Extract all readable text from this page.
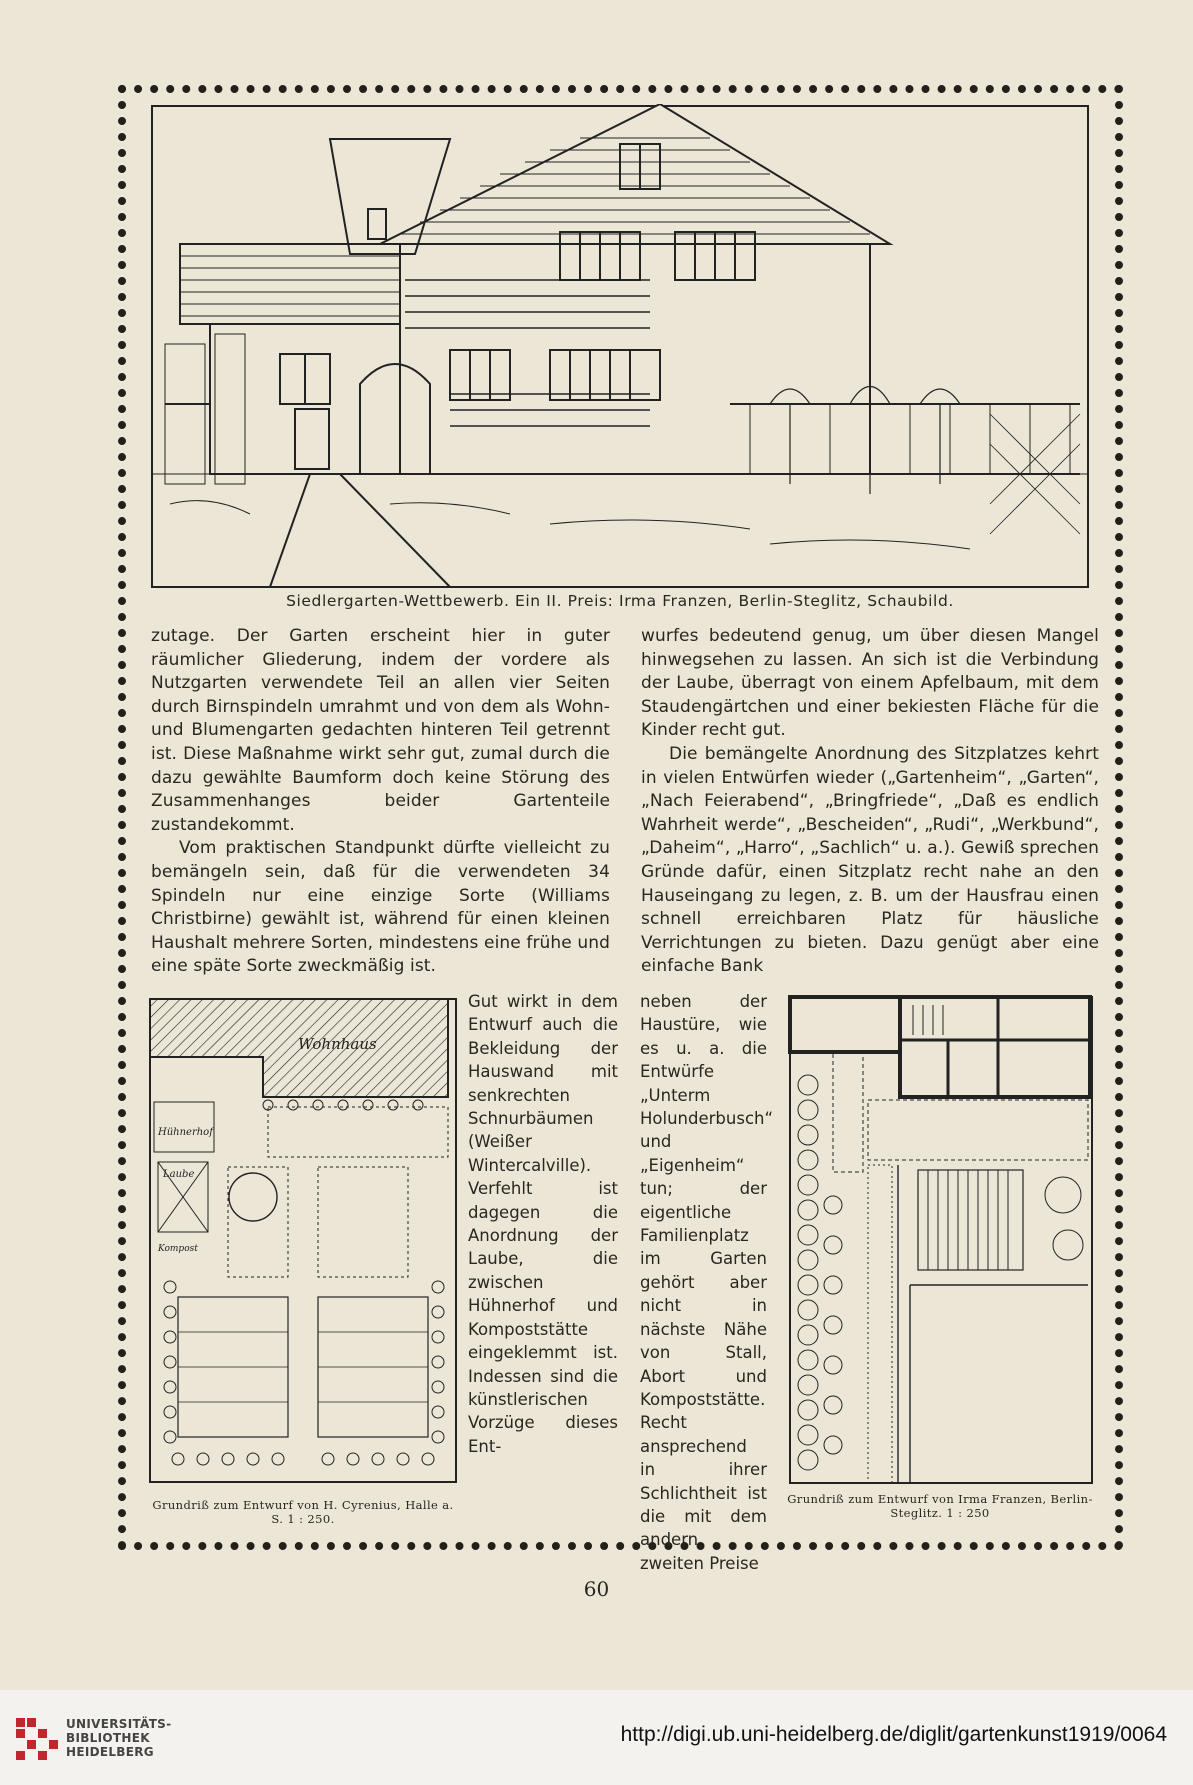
Siedlergarten-Wettbewerb. Ein II. Preis: Irma Franzen, Berlin-Steglitz, Schaubild.

zutage. Der Garten erscheint hier in guter räumlicher Gliederung, indem der vordere als Nutzgarten verwendete Teil an allen vier Seiten durch Birnspindeln umrahmt und von dem als Wohn- und Blumengarten gedachten hinteren Teil getrennt ist. Diese Maßnahme wirkt sehr gut, zumal durch die dazu gewählte Baumform doch keine Störung des Zusammenhanges beider Gartenteile zustandekommt.

Vom praktischen Standpunkt dürfte vielleicht zu bemängeln sein, daß für die verwendeten 34 Spindeln nur eine einzige Sorte (Williams Christbirne) gewählt ist, während für einen kleinen Haushalt mehrere Sorten, mindestens eine frühe und eine späte Sorte zweckmäßig ist.

wurfes bedeutend genug, um über diesen Mangel hinwegsehen zu lassen. An sich ist die Verbindung der Laube, überragt von einem Apfelbaum, mit dem Staudengärtchen und einer bekiesten Fläche für die Kinder recht gut.

Die bemängelte Anordnung des Sitzplatzes kehrt in vielen Entwürfen wieder („Gartenheim“, „Garten“, „Nach Feierabend“, „Bringfriede“, „Daß es endlich Wahrheit werde“, „Bescheiden“, „Rudi“, „Werkbund“, „Daheim“, „Harro“, „Sachlich“ u. a.). Gewiß sprechen Gründe dafür, einen Sitzplatz recht nahe an den Hauseingang zu legen, z. B. um der Hausfrau einen schnell erreichbaren Platz für häusliche Verrichtungen zu bieten. Dazu genügt aber eine einfache Bank

Gut wirkt in dem Entwurf auch die Bekleidung der Hauswand mit senkrechten Schnurbäumen (Weißer Wintercalville).

Verfehlt ist dagegen die Anordnung der Laube, die zwischen Hühnerhof und Kompoststätte eingeklemmt ist. Indessen sind die künstlerischen Vorzüge dieses Ent-

neben der Haustüre, wie es u. a. die Entwürfe „Unterm Holunderbusch“ und „Eigenheim“ tun; der eigentliche Familienplatz im Garten gehört aber nicht in nächste Nähe von Stall, Abort und Kompoststätte.

Recht ansprechend in ihrer Schlichtheit ist die mit dem andern zweiten Preise

Wohnhaus
Hühnerhof
Laube
Kompost
Grundriß zum Entwurf von H. Cyrenius, Halle a. S. 1 : 250.
Grundriß zum Entwurf von Irma Franzen, Berlin-Steglitz. 1 : 250
60
UNIVERSITÄTS-
BIBLIOTHEK
HEIDELBERG
http://digi.ub.uni-heidelberg.de/diglit/gartenkunst1919/0064
